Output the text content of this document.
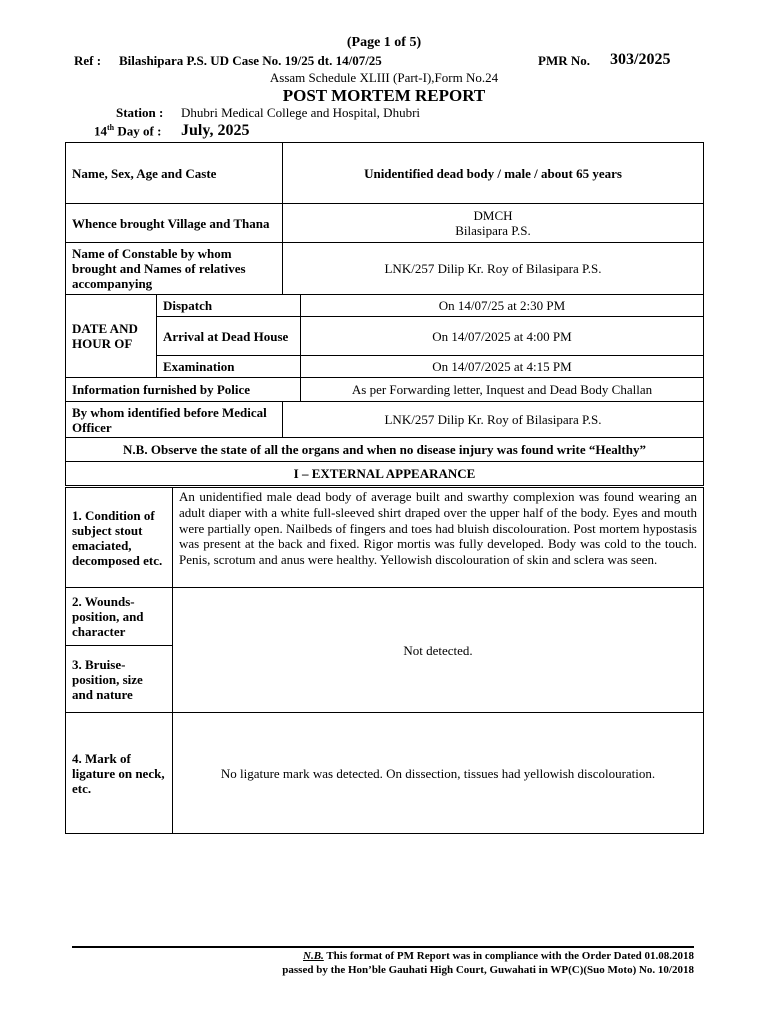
(Page 1 of 5)
Ref : Bilashipara P.S. UD Case No. 19/25 dt. 14/07/25	PMR No. 303/2025
Assam Schedule XLIII (Part-I),Form No.24
POST MORTEM REPORT
Station : Dhubri Medical College and Hospital, Dhubri
14th Day of : July, 2025
Name, Sex, Age and Caste		Unidentified dead body / male / about 65 years	
Whence brought Village and Thana		DMCH
Bilasipara P.S.	

Name of Constable by whom brought and Names of relatives accompanying		LNK/257 Dilip Kr. Roy of Bilasipara P.S.	
DATE AND HOUR OF	Dispatch		On 14/07/25 at 2:30 PM
	Arrival at Dead House		On 14/07/2025 at 4:00 PM
	Examination		On 14/07/2025 at 4:15 PM
Information furnished by Police			As per Forwarding letter, Inquest and Dead Body Challan
By whom identified before Medical Officer		LNK/257 Dilip Kr. Roy of Bilasipara P.S.	
N.B. Observe the state of all the organs and when no disease injury was found write “Healthy”			
I – EXTERNAL APPEARANCE			
1. Condition of subject stout emaciated, decomposed etc.	An unidentified male dead body of average built and swarthy complexion was found wearing an adult diaper with a white full-sleeved shirt draped over the upper half of the body. Eyes and mouth were partially open. Nailbeds of fingers and toes had bluish discolouration. Post mortem hypostasis was present at the back and fixed. Rigor mortis was fully developed. Body was cold to the touch. Penis, scrotum and anus were healthy. Yellowish discolouration of skin and sclera was seen.
2. Wounds-position, and character	Not detected.
3. Bruise-position, size and nature	
4. Mark of ligature on neck, etc.	No ligature mark was detected. On dissection, tissues had yellowish discolouration.
N.B. This format of PM Report was in compliance with the Order Dated 01.08.2018
passed by the Hon’ble Gauhati High Court, Guwahati in WP(C)(Suo Moto) No. 10/2018
